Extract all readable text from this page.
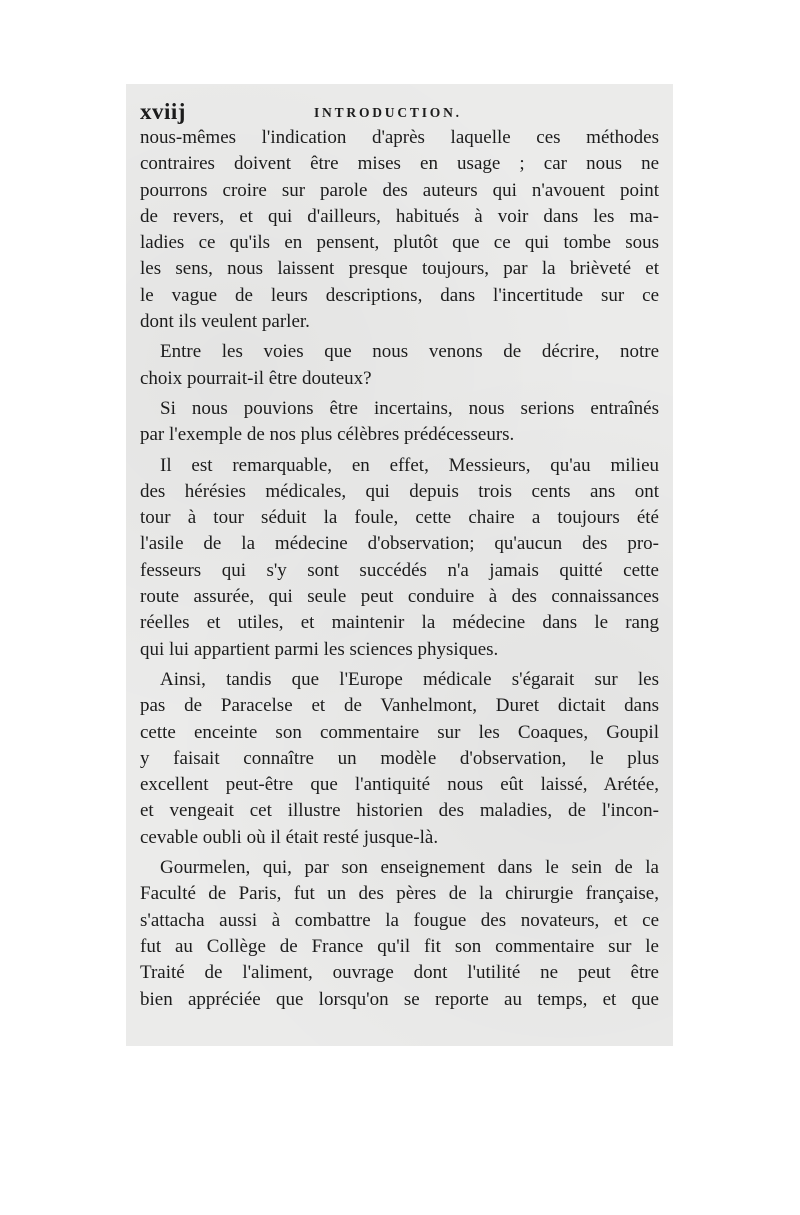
xviij	INTRODUCTION.
nous-mêmes l'indication d'après laquelle ces méthodes
contraires doivent être mises en usage ; car nous ne
pourrons croire sur parole des auteurs qui n'avouent point
de revers, et qui d'ailleurs, habitués à voir dans les ma-
ladies ce qu'ils en pensent, plutôt que ce qui tombe sous
les sens, nous laissent presque toujours, par la brièveté et
le vague de leurs descriptions, dans l'incertitude sur ce
dont ils veulent parler.
Entre les voies que nous venons de décrire, notre
choix pourrait-il être douteux?
Si nous pouvions être incertains, nous serions entraînés
par l'exemple de nos plus célèbres prédécesseurs.
Il est remarquable, en effet, Messieurs, qu'au milieu
des hérésies médicales, qui depuis trois cents ans ont
tour à tour séduit la foule, cette chaire a toujours été
l'asile de la médecine d'observation; qu'aucun des pro-
fesseurs qui s'y sont succédés n'a jamais quitté cette
route assurée, qui seule peut conduire à des connaissances
réelles et utiles, et maintenir la médecine dans le rang
qui lui appartient parmi les sciences physiques.
Ainsi, tandis que l'Europe médicale s'égarait sur les
pas de Paracelse et de Vanhelmont, Duret dictait dans
cette enceinte son commentaire sur les Coaques, Goupil
y faisait connaître un modèle d'observation, le plus
excellent peut-être que l'antiquité nous eût laissé, Arétée,
et vengeait cet illustre historien des maladies, de l'incon-
cevable oubli où il était resté jusque-là.
Gourmelen, qui, par son enseignement dans le sein de la
Faculté de Paris, fut un des pères de la chirurgie française,
s'attacha aussi à combattre la fougue des novateurs, et ce
fut au Collège de France qu'il fit son commentaire sur le
Traité de l'aliment, ouvrage dont l'utilité ne peut être
bien appréciée que lorsqu'on se reporte au temps, et que
